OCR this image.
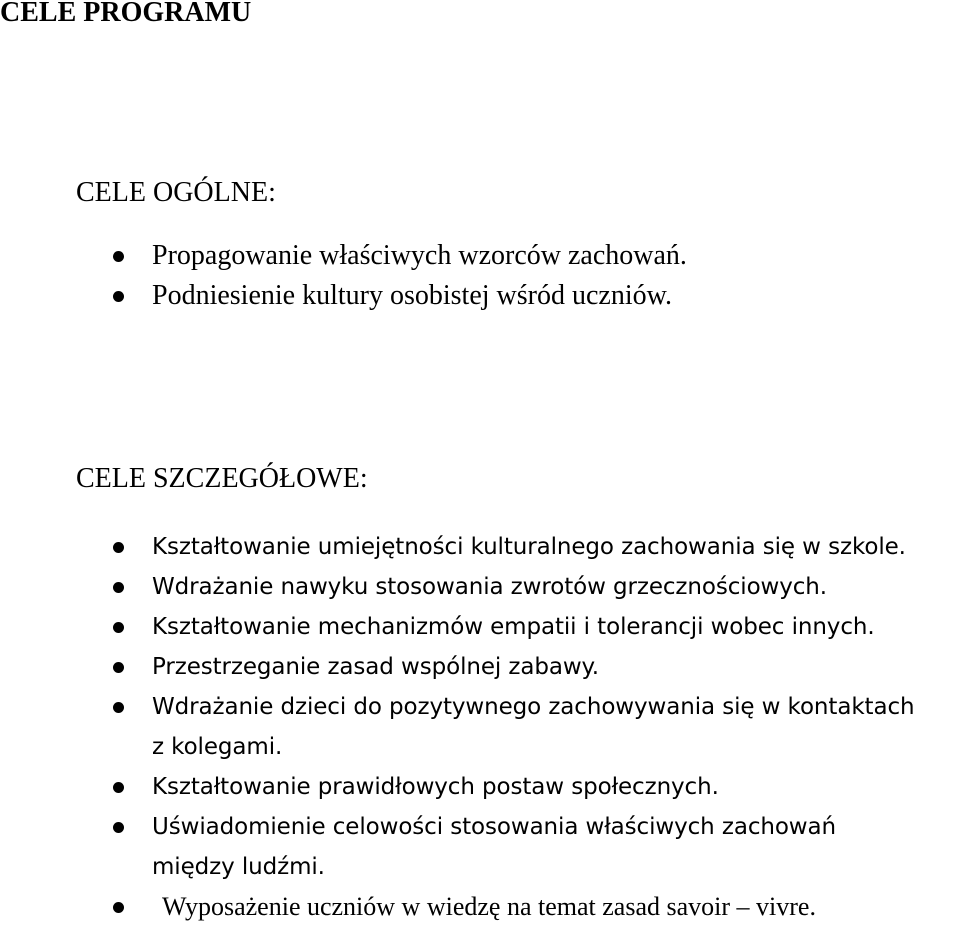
CELE PROGRAMU
CELE OGÓLNE:
Propagowanie właściwych wzorców zachowań.
Podniesienie kultury osobistej wśród uczniów.
CELE SZCZEGÓŁOWE:
Kształtowanie umiejętności kulturalnego zachowania się w szkole.
Wdrażanie nawyku stosowania zwrotów grzecznościowych.
Kształtowanie mechanizmów empatii i tolerancji wobec innych.
Przestrzeganie zasad wspólnej zabawy.
Wdrażanie dzieci do pozytywnego zachowywania się w kontaktach
z kolegami.
Kształtowanie prawidłowych postaw społecznych.
Uświadomienie celowości stosowania właściwych zachowań
między ludźmi.
Wyposażenie uczniów w wiedzę na temat zasad savoir – vivre.
